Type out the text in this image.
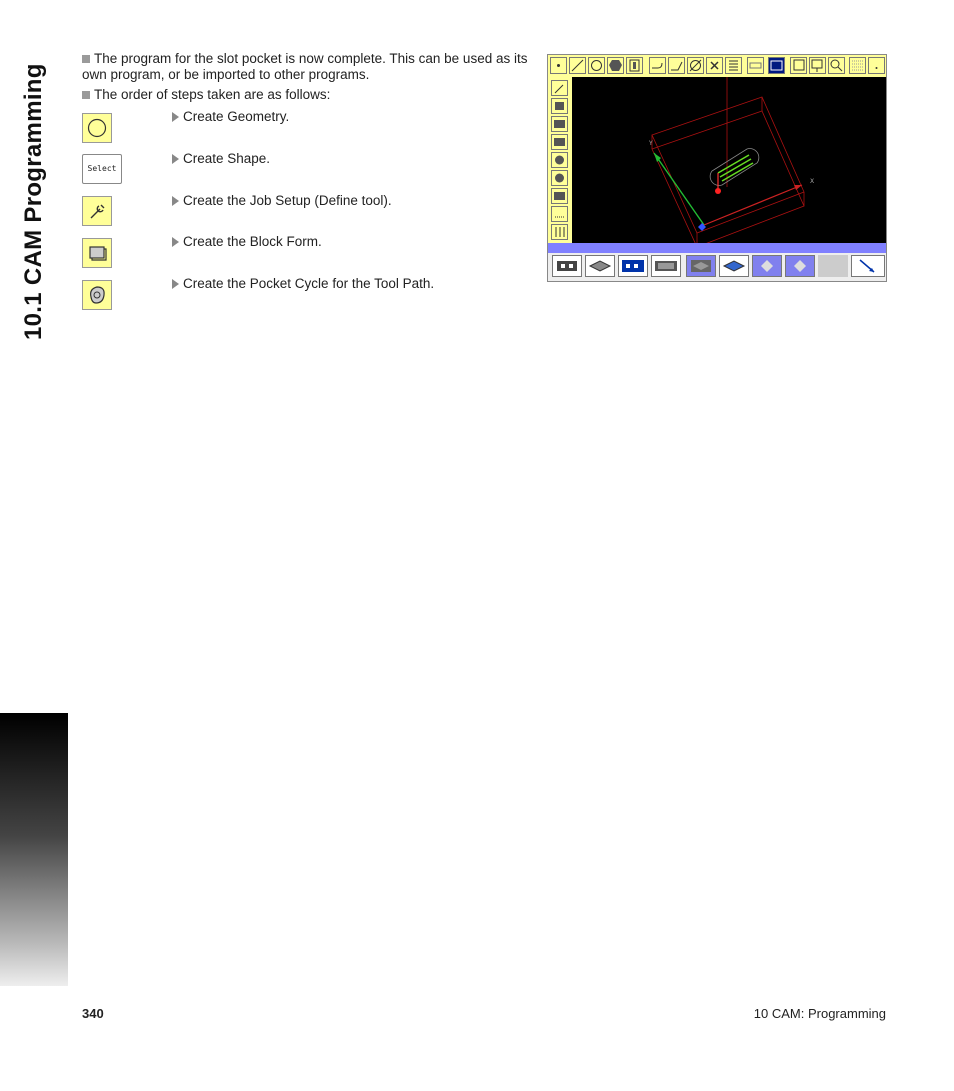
10.1 CAM Programming
The program for the slot pocket is now complete. This can be used as its own program, or be imported to other programs.
The order of steps taken are as follows:
Select
Create Geometry.
Create Shape.
Create the Job Setup (Define tool).
Create the Block Form.
Create the Pocket Cycle for the Tool Path.
Y
X
340	10 CAM: Programming
